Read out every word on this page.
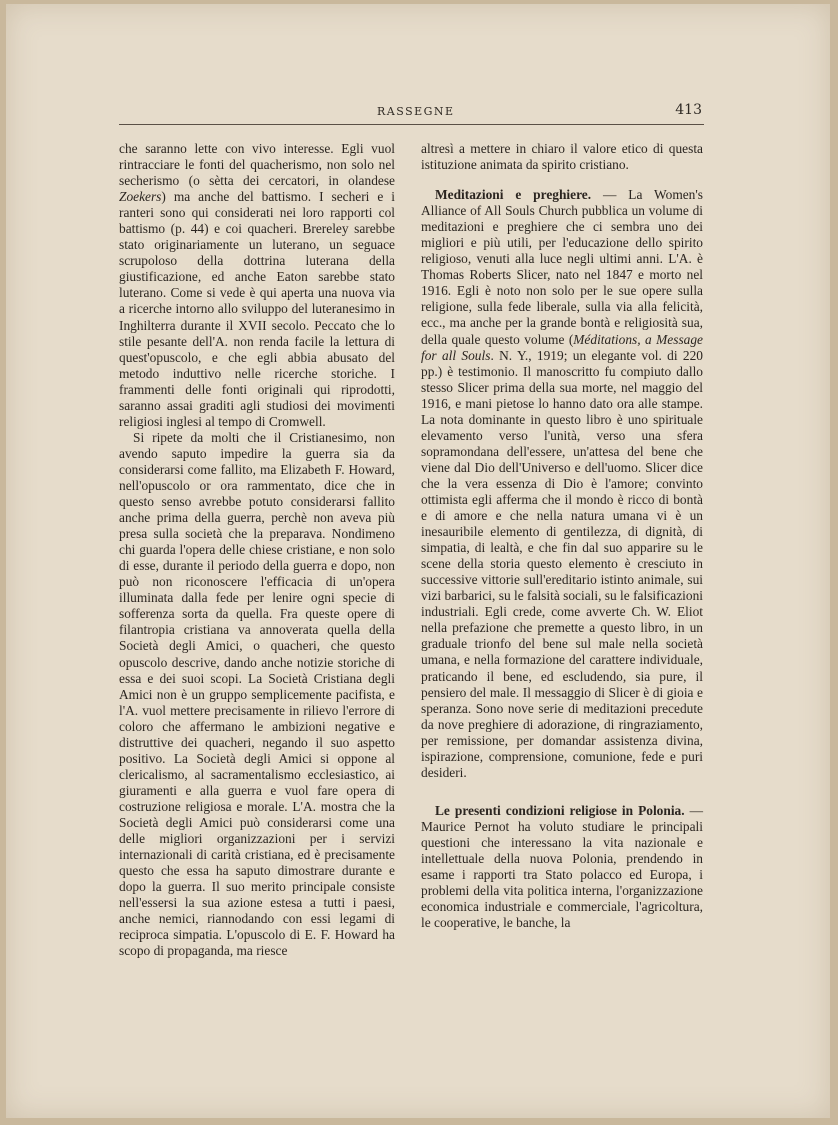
RASSEGNE	413

che saranno lette con vivo interesse. Egli vuol rintracciare le fonti del quacherismo, non solo nel secherismo (o sètta dei cercatori, in olandese Zoekers) ma anche del battismo. I secheri e i ranteri sono qui considerati nei loro rapporti col battismo (p. 44) e coi quacheri. Brereley sarebbe stato originariamente un luterano, un seguace scrupoloso della dottrina luterana della giustificazione, ed anche Eaton sarebbe stato luterano. Come si vede è qui aperta una nuova via a ricerche intorno allo sviluppo del luteranesimo in Inghilterra durante il XVII secolo. Peccato che lo stile pesante dell'A. non renda facile la lettura di quest'opuscolo, e che egli abbia abusato del metodo induttivo nelle ricerche storiche. I frammenti delle fonti originali qui riprodotti, saranno assai graditi agli studiosi dei movimenti religiosi inglesi al tempo di Cromwell.

Si ripete da molti che il Cristianesimo, non avendo saputo impedire la guerra sia da considerarsi come fallito, ma Elizabeth F. Howard, nell'opuscolo or ora rammentato, dice che in questo senso avrebbe potuto considerarsi fallito anche prima della guerra, perchè non aveva più presa sulla società che la preparava. Nondimeno chi guarda l'opera delle chiese cristiane, e non solo di esse, durante il periodo della guerra e dopo, non può non riconoscere l'efficacia di un'opera illuminata dalla fede per lenire ogni specie di sofferenza sorta da quella. Fra queste opere di filantropia cristiana va annoverata quella della Società degli Amici, o quacheri, che questo opuscolo descrive, dando anche notizie storiche di essa e dei suoi scopi. La Società Cristiana degli Amici non è un gruppo semplicemente pacifista, e l'A. vuol mettere precisamente in rilievo l'errore di coloro che affermano le ambizioni negative e distruttive dei quacheri, negando il suo aspetto positivo. La Società degli Amici si oppone al clericalismo, al sacramentalismo ecclesiastico, ai giuramenti e alla guerra e vuol fare opera di costruzione religiosa e morale. L'A. mostra che la Società degli Amici può considerarsi come una delle migliori organizzazioni per i servizi internazionali di carità cristiana, ed è precisamente questo che essa ha saputo dimostrare durante e dopo la guerra. Il suo merito principale consiste nell'essersi la sua azione estesa a tutti i paesi, anche nemici, riannodando con essi legami di reciproca simpatia. L'opuscolo di E. F. Howard ha scopo di propaganda, ma riesce

altresì a mettere in chiaro il valore etico di questa istituzione animata da spirito cristiano.

Meditazioni e preghiere. — La Women's Alliance of All Souls Church pubblica un volume di meditazioni e preghiere che ci sembra uno dei migliori e più utili, per l'educazione dello spirito religioso, venuti alla luce negli ultimi anni. L'A. è Thomas Roberts Slicer, nato nel 1847 e morto nel 1916. Egli è noto non solo per le sue opere sulla religione, sulla fede liberale, sulla via alla felicità, ecc., ma anche per la grande bontà e religiosità sua, della quale questo volume (Méditations, a Message for all Souls. N. Y., 1919; un elegante vol. di 220 pp.) è testimonio. Il manoscritto fu compiuto dallo stesso Slicer prima della sua morte, nel maggio del 1916, e mani pietose lo hanno dato ora alle stampe. La nota dominante in questo libro è uno spirituale elevamento verso l'unità, verso una sfera sopramondana dell'essere, un'attesa del bene che viene dal Dio dell'Universo e dell'uomo. Slicer dice che la vera essenza di Dio è l'amore; convinto ottimista egli afferma che il mondo è ricco di bontà e di amore e che nella natura umana vi è un inesauribile elemento di gentilezza, di dignità, di simpatia, di lealtà, e che fin dal suo apparire su le scene della storia questo elemento è cresciuto in successive vittorie sull'ereditario istinto animale, sui vizi barbarici, su le falsità sociali, su le falsificazioni industriali. Egli crede, come avverte Ch. W. Eliot nella prefazione che premette a questo libro, in un graduale trionfo del bene sul male nella società umana, e nella formazione del carattere individuale, praticando il bene, ed escludendo, sia pure, il pensiero del male. Il messaggio di Slicer è di gioia e speranza. Sono nove serie di meditazioni precedute da nove preghiere di adorazione, di ringraziamento, per remissione, per domandar assistenza divina, ispirazione, comprensione, comunione, fede e puri desideri.

Le presenti condizioni religiose in Polonia. — Maurice Pernot ha voluto studiare le principali questioni che interessano la vita nazionale e intellettuale della nuova Polonia, prendendo in esame i rapporti tra Stato polacco ed Europa, i problemi della vita politica interna, l'organizzazione economica industriale e commerciale, l'agricoltura, le cooperative, le banche, la
